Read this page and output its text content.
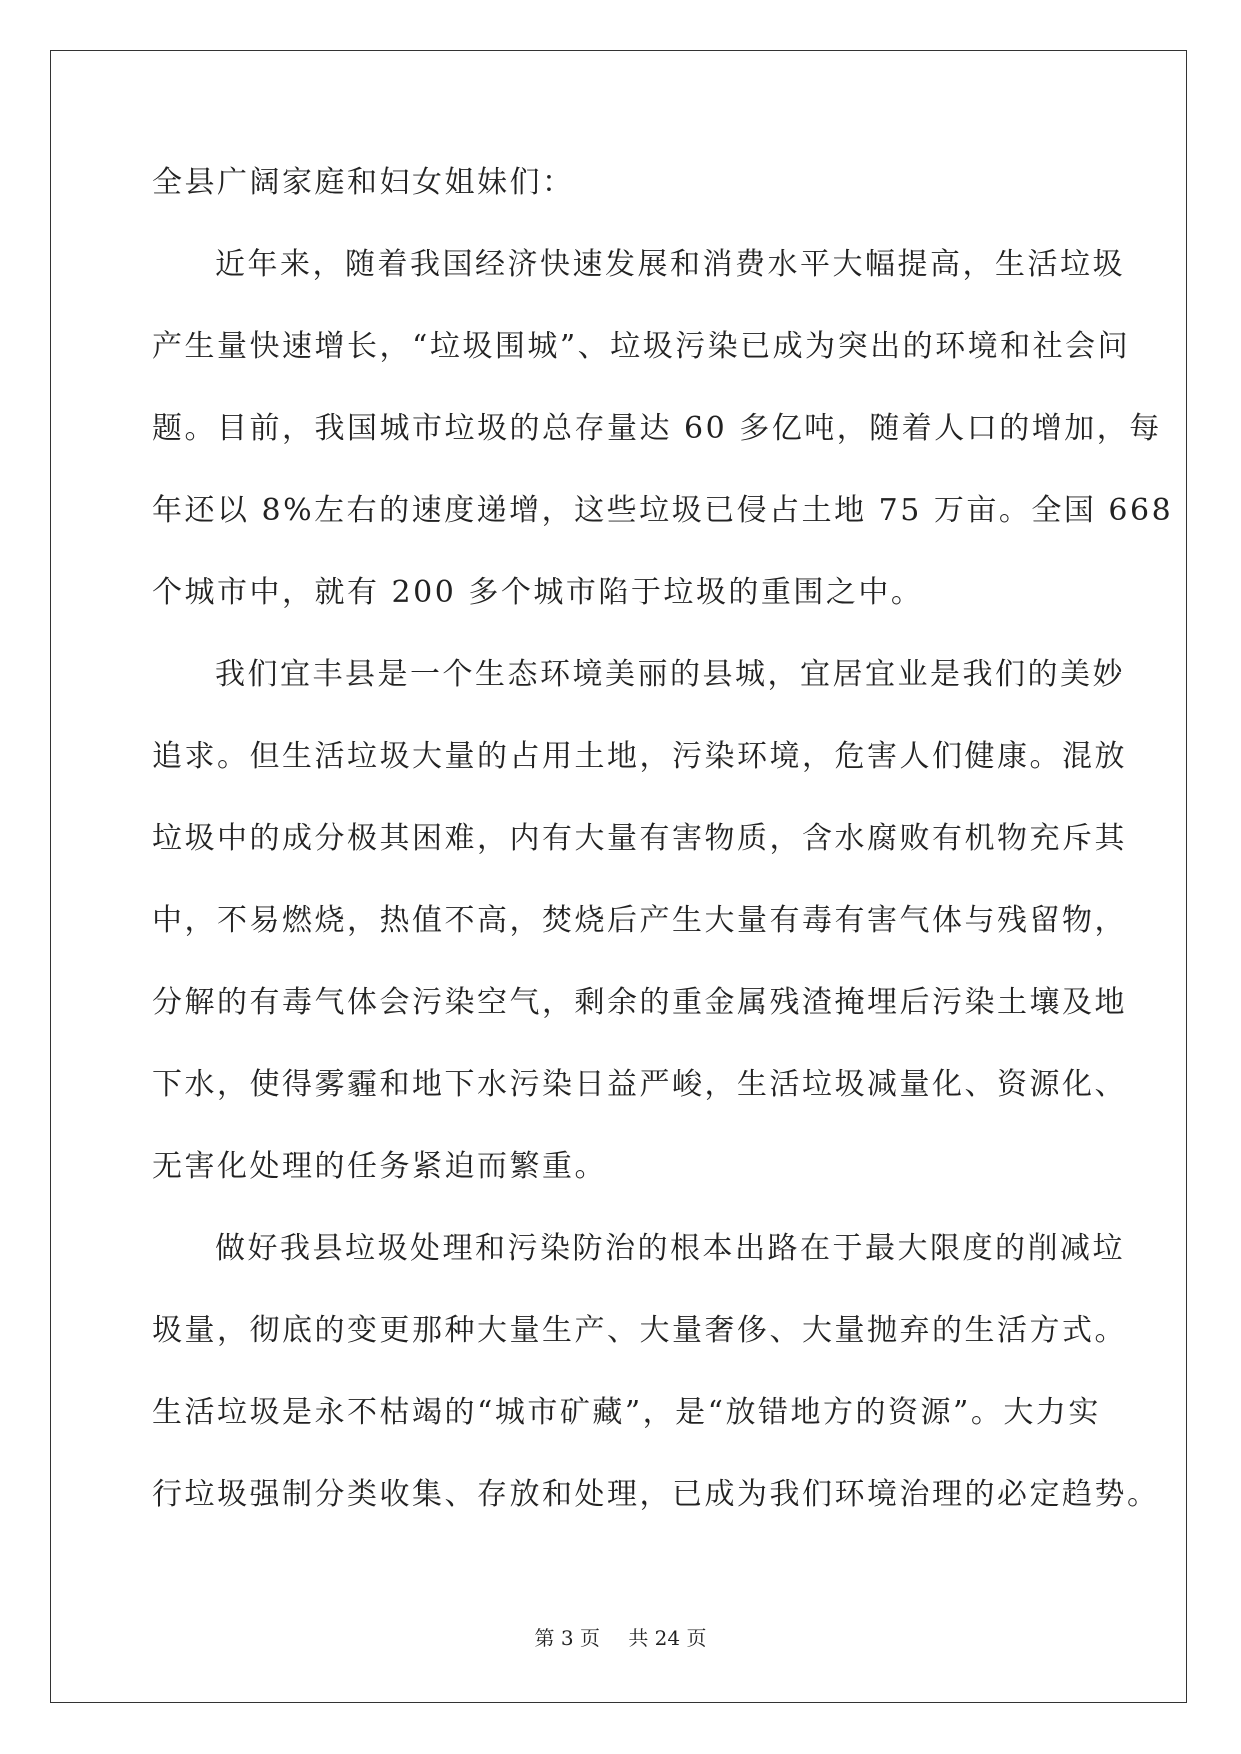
全县广阔家庭和妇女姐妹们：
近年来，随着我国经济快速发展和消费水平大幅提高，生活垃圾
产生量快速增长，“垃圾围城”、垃圾污染已成为突出的环境和社会问
题。目前，我国城市垃圾的总存量达 60 多亿吨，随着人口的增加，每
年还以 8%左右的速度递增，这些垃圾已侵占土地 75 万亩。全国 668
个城市中，就有 200 多个城市陷于垃圾的重围之中。
我们宜丰县是一个生态环境美丽的县城，宜居宜业是我们的美妙
追求。但生活垃圾大量的占用土地，污染环境，危害人们健康。混放
垃圾中的成分极其困难，内有大量有害物质，含水腐败有机物充斥其
中，不易燃烧，热值不高，焚烧后产生大量有毒有害气体与残留物，
分解的有毒气体会污染空气，剩余的重金属残渣掩埋后污染土壤及地
下水，使得雾霾和地下水污染日益严峻，生活垃圾减量化、资源化、
无害化处理的任务紧迫而繁重。
做好我县垃圾处理和污染防治的根本出路在于最大限度的削减垃
圾量，彻底的变更那种大量生产、大量奢侈、大量抛弃的生活方式。
生活垃圾是永不枯竭的“城市矿藏”，是“放错地方的资源”。大力实
行垃圾强制分类收集、存放和处理，已成为我们环境治理的必定趋势。
第 3 页 共 24 页
